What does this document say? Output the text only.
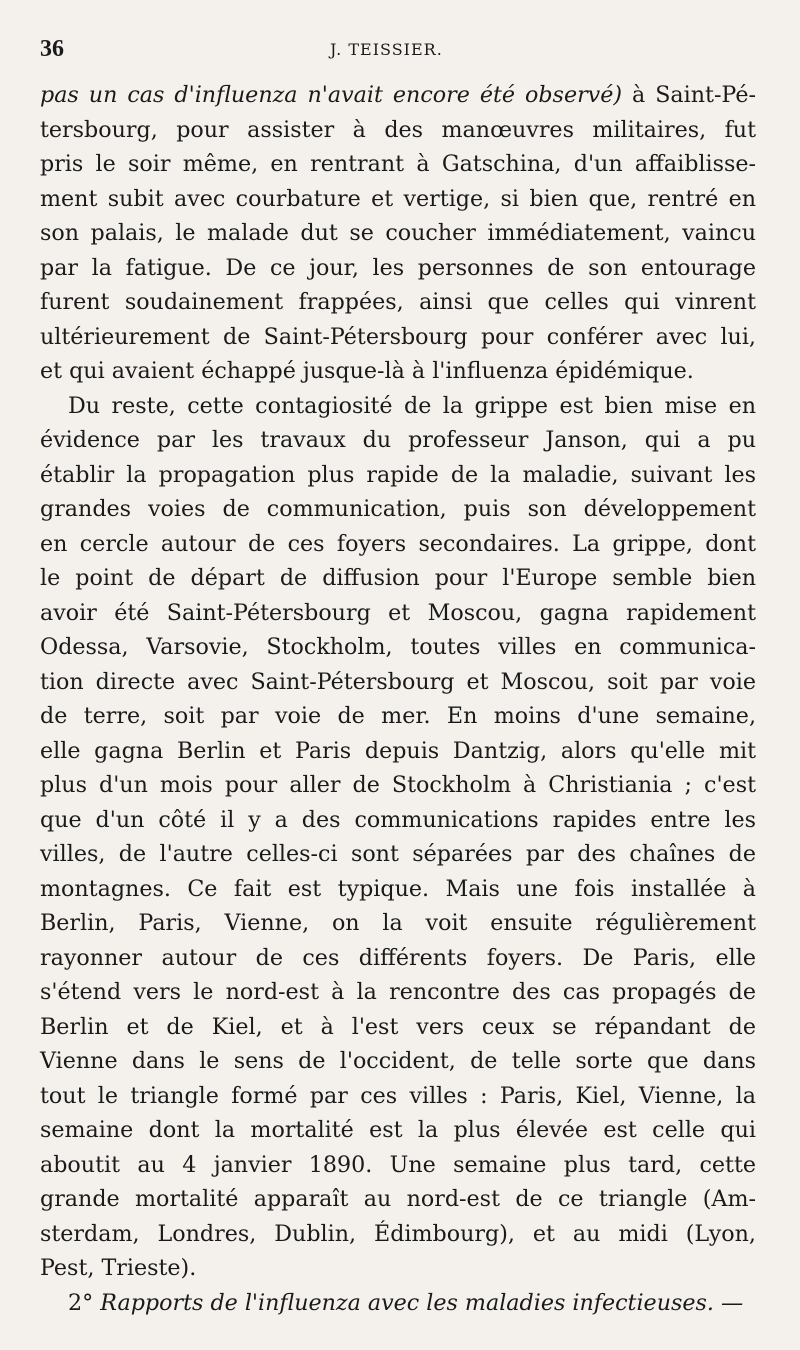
36	J. TEISSIER.
pas un cas d'influenza n'avait encore été observé) à Saint-Pé-
tersbourg, pour assister à des manœuvres militaires, fut
pris le soir même, en rentrant à Gatschina, d'un affaiblisse-
ment subit avec courbature et vertige, si bien que, rentré en
son palais, le malade dut se coucher immédiatement, vaincu
par la fatigue. De ce jour, les personnes de son entourage
furent soudainement frappées, ainsi que celles qui vinrent
ultérieurement de Saint-Pétersbourg pour conférer avec lui,
et qui avaient échappé jusque-là à l'influenza épidémique.
Du reste, cette contagiosité de la grippe est bien mise en
évidence par les travaux du professeur Janson, qui a pu
établir la propagation plus rapide de la maladie, suivant les
grandes voies de communication, puis son développement
en cercle autour de ces foyers secondaires. La grippe, dont
le point de départ de diffusion pour l'Europe semble bien
avoir été Saint-Pétersbourg et Moscou, gagna rapidement
Odessa, Varsovie, Stockholm, toutes villes en communica-
tion directe avec Saint-Pétersbourg et Moscou, soit par voie
de terre, soit par voie de mer. En moins d'une semaine,
elle gagna Berlin et Paris depuis Dantzig, alors qu'elle mit
plus d'un mois pour aller de Stockholm à Christiania ; c'est
que d'un côté il y a des communications rapides entre les
villes, de l'autre celles-ci sont séparées par des chaînes de
montagnes. Ce fait est typique. Mais une fois installée à
Berlin, Paris, Vienne, on la voit ensuite régulièrement
rayonner autour de ces différents foyers. De Paris, elle
s'étend vers le nord-est à la rencontre des cas propagés de
Berlin et de Kiel, et à l'est vers ceux se répandant de
Vienne dans le sens de l'occident, de telle sorte que dans
tout le triangle formé par ces villes : Paris, Kiel, Vienne, la
semaine dont la mortalité est la plus élevée est celle qui
aboutit au 4 janvier 1890. Une semaine plus tard, cette
grande mortalité apparaît au nord-est de ce triangle (Am-
sterdam, Londres, Dublin, Édimbourg), et au midi (Lyon,
Pest, Trieste).
2° Rapports de l'influenza avec les maladies infectieuses. —
